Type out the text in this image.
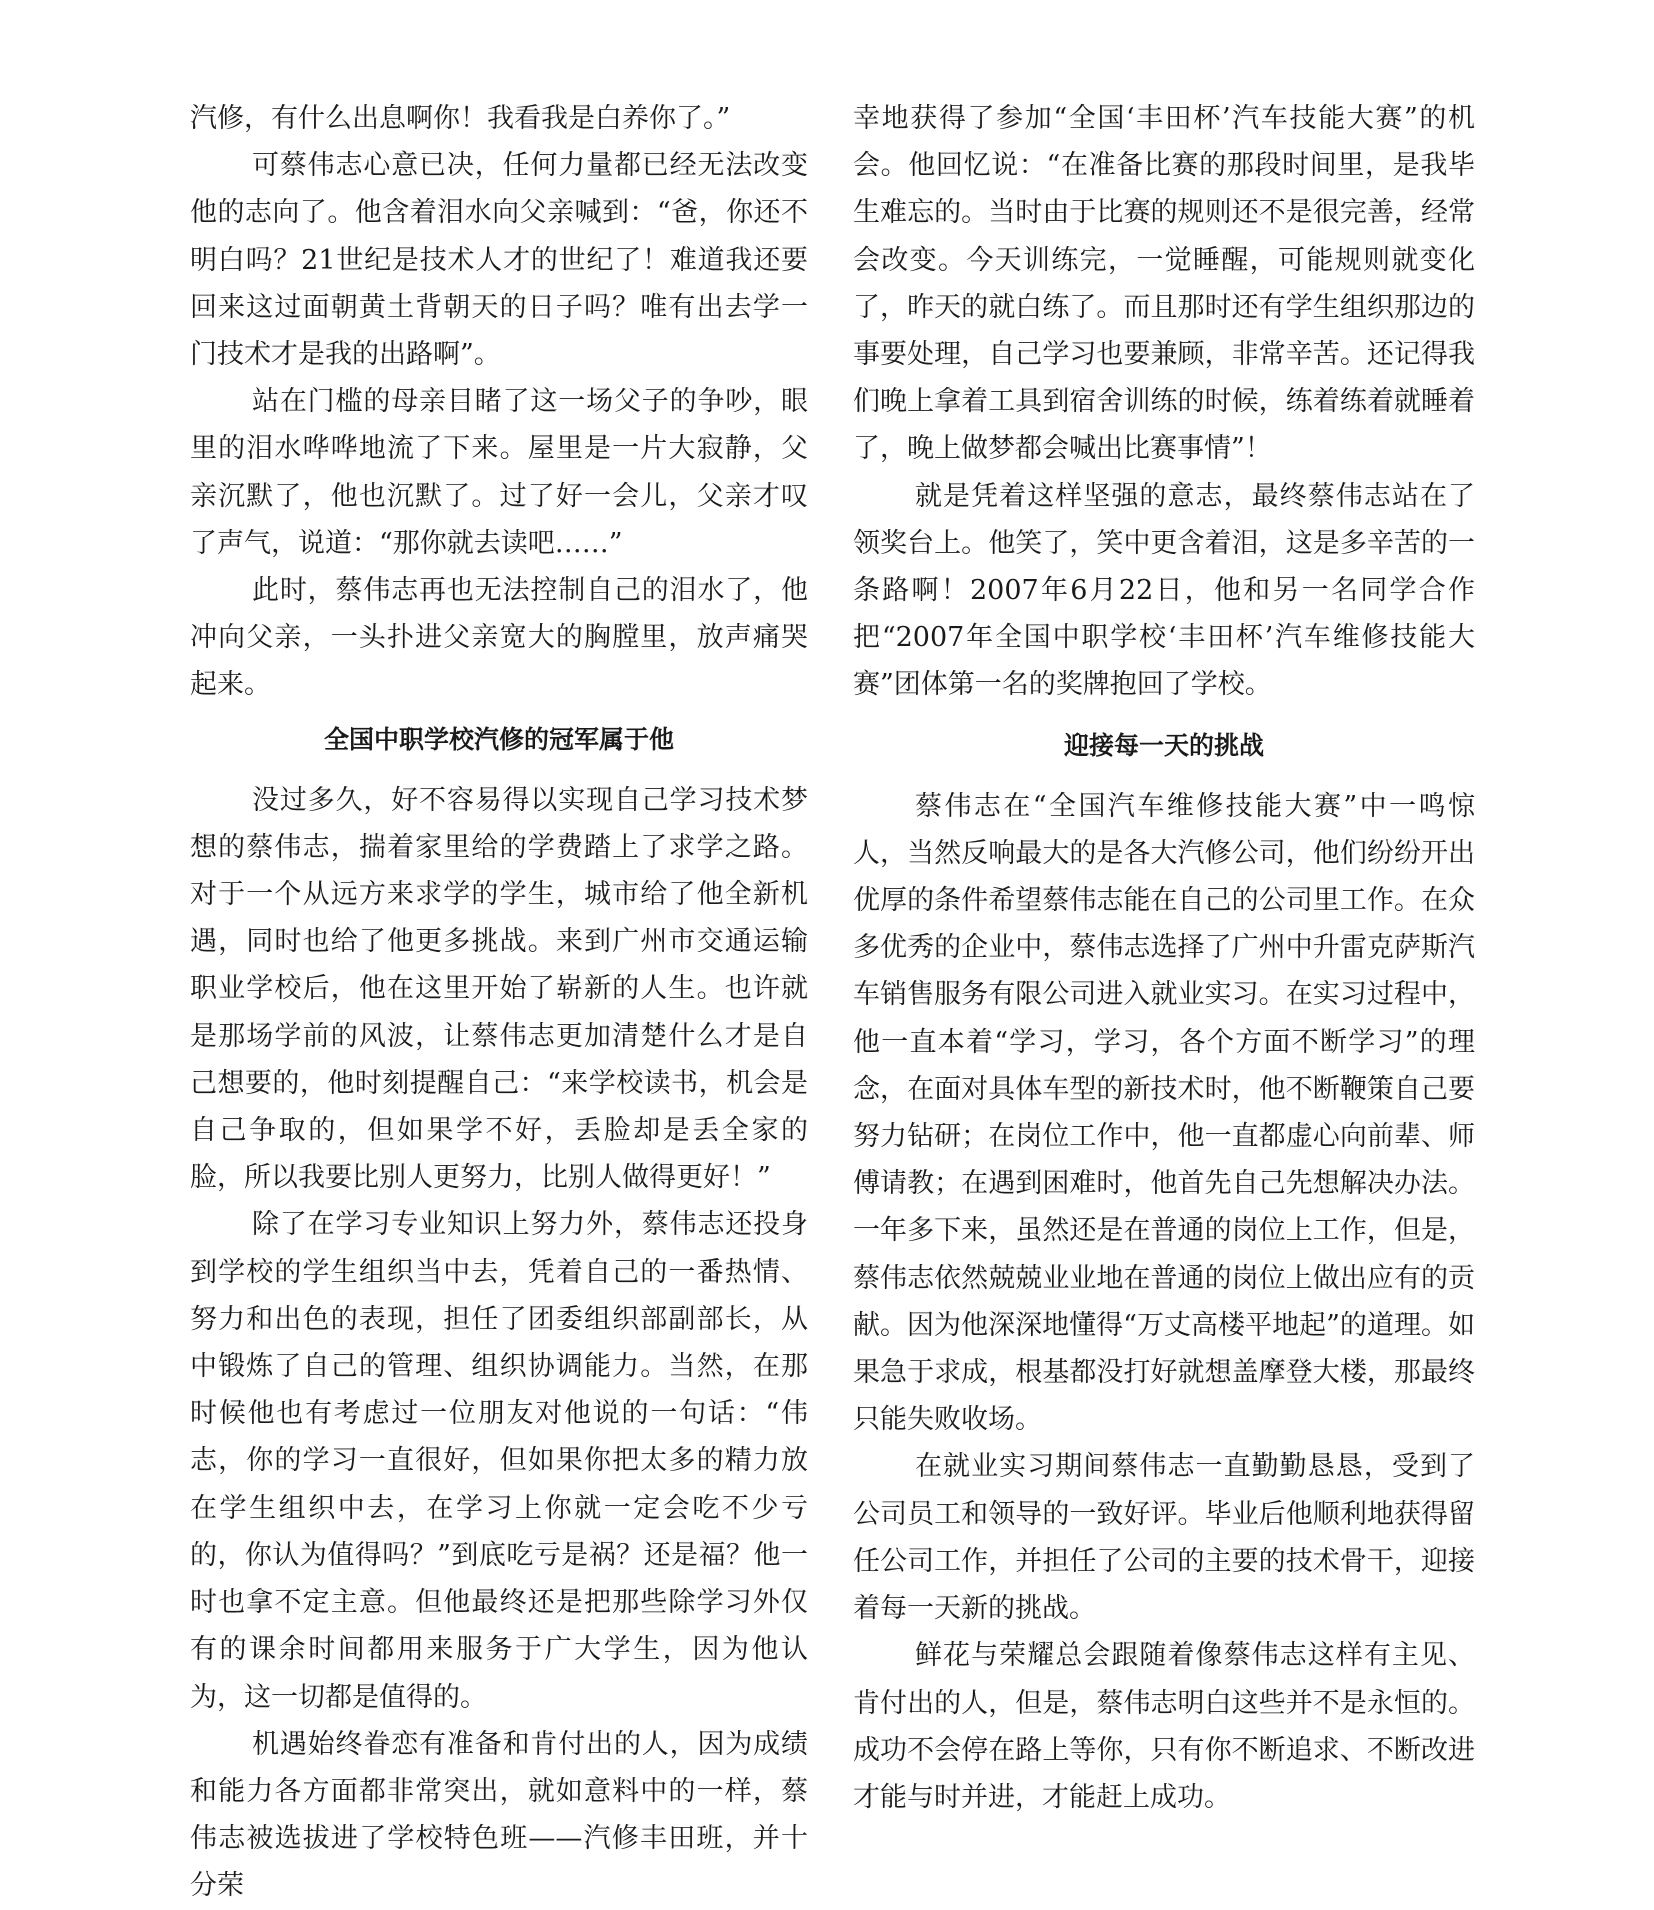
汽修，有什么出息啊你！我看我是白养你了。”

可蔡伟志心意已决，任何力量都已经无法改变他的志向了。他含着泪水向父亲喊到：“爸，你还不明白吗？21世纪是技术人才的世纪了！难道我还要回来这过面朝黄土背朝天的日子吗？唯有出去学一门技术才是我的出路啊”。

站在门槛的母亲目睹了这一场父子的争吵，眼里的泪水哗哗地流了下来。屋里是一片大寂静，父亲沉默了，他也沉默了。过了好一会儿，父亲才叹了声气，说道：“那你就去读吧……”

此时，蔡伟志再也无法控制自己的泪水了，他冲向父亲，一头扑进父亲宽大的胸膛里，放声痛哭起来。

全国中职学校汽修的冠军属于他

没过多久，好不容易得以实现自己学习技术梦想的蔡伟志，揣着家里给的学费踏上了求学之路。对于一个从远方来求学的学生，城市给了他全新机遇，同时也给了他更多挑战。来到广州市交通运输职业学校后，他在这里开始了崭新的人生。也许就是那场学前的风波，让蔡伟志更加清楚什么才是自己想要的，他时刻提醒自己：“来学校读书，机会是自己争取的，但如果学不好，丢脸却是丢全家的脸，所以我要比别人更努力，比别人做得更好！”

除了在学习专业知识上努力外，蔡伟志还投身到学校的学生组织当中去，凭着自己的一番热情、努力和出色的表现，担任了团委组织部副部长，从中锻炼了自己的管理、组织协调能力。当然，在那时候他也有考虑过一位朋友对他说的一句话：“伟志，你的学习一直很好，但如果你把太多的精力放在学生组织中去，在学习上你就一定会吃不少亏的，你认为值得吗？”到底吃亏是祸？还是福？他一时也拿不定主意。但他最终还是把那些除学习外仅有的课余时间都用来服务于广大学生，因为他认为，这一切都是值得的。

机遇始终眷恋有准备和肯付出的人，因为成绩和能力各方面都非常突出，就如意料中的一样，蔡伟志被选拔进了学校特色班——汽修丰田班，并十分荣

幸地获得了参加“全国‘丰田杯’汽车技能大赛”的机会。他回忆说：“在准备比赛的那段时间里，是我毕生难忘的。当时由于比赛的规则还不是很完善，经常会改变。今天训练完，一觉睡醒，可能规则就变化了，昨天的就白练了。而且那时还有学生组织那边的事要处理，自己学习也要兼顾，非常辛苦。还记得我们晚上拿着工具到宿舍训练的时候，练着练着就睡着了，晚上做梦都会喊出比赛事情”！

就是凭着这样坚强的意志，最终蔡伟志站在了领奖台上。他笑了，笑中更含着泪，这是多辛苦的一条路啊！2007年6月22日，他和另一名同学合作把“2007年全国中职学校‘丰田杯’汽车维修技能大赛”团体第一名的奖牌抱回了学校。

迎接每一天的挑战

蔡伟志在“全国汽车维修技能大赛”中一鸣惊人，当然反响最大的是各大汽修公司，他们纷纷开出优厚的条件希望蔡伟志能在自己的公司里工作。在众多优秀的企业中，蔡伟志选择了广州中升雷克萨斯汽车销售服务有限公司进入就业实习。在实习过程中，他一直本着“学习，学习，各个方面不断学习”的理念，在面对具体车型的新技术时，他不断鞭策自己要努力钻研；在岗位工作中，他一直都虚心向前辈、师傅请教；在遇到困难时，他首先自己先想解决办法。一年多下来，虽然还是在普通的岗位上工作，但是，蔡伟志依然兢兢业业地在普通的岗位上做出应有的贡献。因为他深深地懂得“万丈高楼平地起”的道理。如果急于求成，根基都没打好就想盖摩登大楼，那最终只能失败收场。

在就业实习期间蔡伟志一直勤勤恳恳，受到了公司员工和领导的一致好评。毕业后他顺利地获得留任公司工作，并担任了公司的主要的技术骨干，迎接着每一天新的挑战。

鲜花与荣耀总会跟随着像蔡伟志这样有主见、肯付出的人，但是，蔡伟志明白这些并不是永恒的。成功不会停在路上等你，只有你不断追求、不断改进才能与时并进，才能赶上成功。
